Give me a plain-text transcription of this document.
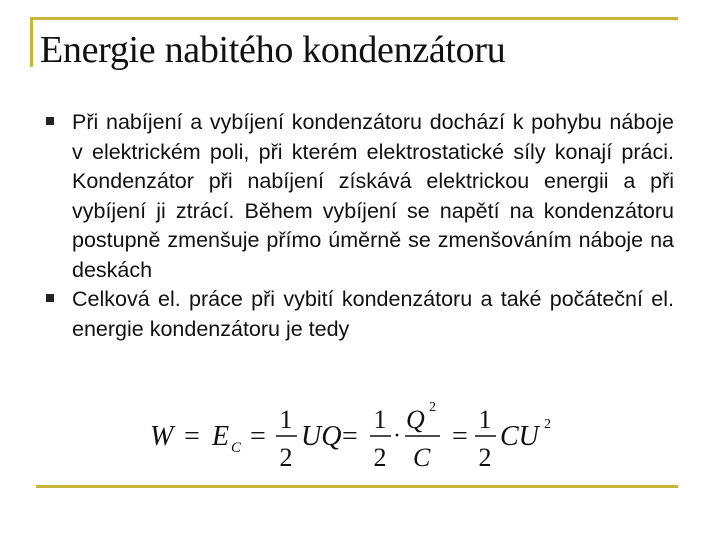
Energie nabitého kondenzátoru
Při nabíjení a vybíjení kondenzátoru dochází k pohybu náboje v elektrickém poli, při kterém elektrostatické síly konají práci. Kondenzátor při nabíjení získává elektrickou energii a při vybíjení ji ztrácí. Během vybíjení se napětí na kondenzátoru postupně zmenšuje přímo úměrně se zmenšováním náboje na deskách
Celková el. práce při vybití kondenzátoru a také počáteční el. energie kondenzátoru je tedy
W = E C =
1
2
UQ =
1
2
·
Q 2
C
=
1
2
CU 2
